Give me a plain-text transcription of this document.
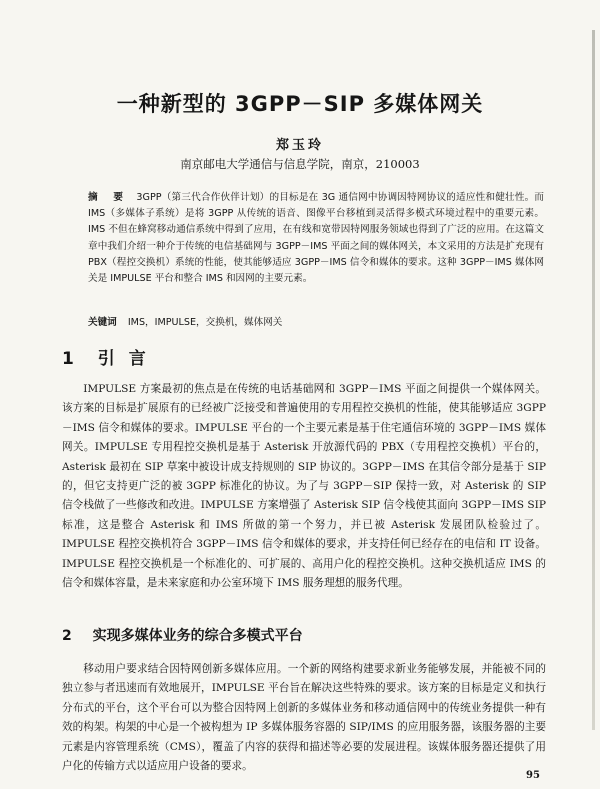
一种新型的 3GPP－SIP 多媒体网关
郑玉玲
南京邮电大学通信与信息学院，南京，210003
摘 要 3GPP（第三代合作伙伴计划）的目标是在 3G 通信网中协调因特网协议的适应性和健壮性。而 IMS（多媒体子系统）是将 3GPP 从传统的语音、图像平台移植到灵活得多模式环境过程中的重要元素。IMS 不但在蜂窝移动通信系统中得到了应用，在有线和宽带因特网服务领域也得到了广泛的应用。在这篇文章中我们介绍一种介于传统的电信基础网与 3GPP－IMS 平面之间的媒体网关，本文采用的方法是扩充现有 PBX（程控交换机）系统的性能，使其能够适应 3GPP－IMS 信令和媒体的要求。这种 3GPP－IMS 媒体网关是 IMPULSE 平台和整合 IMS 和因网的主要元素。
关键词 IMS，IMPULSE，交换机，媒体网关
1 引言
IMPULSE 方案最初的焦点是在传统的电话基础网和 3GPP－IMS 平面之间提供一个媒体网关。该方案的目标是扩展原有的已经被广泛接受和普遍使用的专用程控交换机的性能，使其能够适应 3GPP－IMS 信令和媒体的要求。IMPULSE 平台的一个主要元素是基于住宅通信环境的 3GPP－IMS 媒体网关。IMPULSE 专用程控交换机是基于 Asterisk 开放源代码的 PBX（专用程控交换机）平台的，Asterisk 最初在 SIP 草案中被设计成支持规则的 SIP 协议的。3GPP－IMS 在其信令部分是基于 SIP 的，但它支持更广泛的被 3GPP 标准化的协议。为了与 3GPP－SIP 保持一致，对 Asterisk 的 SIP 信令栈做了一些修改和改进。IMPULSE 方案增强了 Asterisk SIP 信令栈使其面向 3GPP－IMS SIP 标准，这是整合 Asterisk 和 IMS 所做的第一个努力，并已被 Asterisk 发展团队检验过了。IMPULSE 程控交换机符合 3GPP－IMS 信令和媒体的要求，并支持任何已经存在的电信和 IT 设备。IMPULSE 程控交换机是一个标准化的、可扩展的、高用户化的程控交换机。这种交换机适应 IMS 的信令和媒体容量，是未来家庭和办公室环境下 IMS 服务理想的服务代理。
2 实现多媒体业务的综合多模式平台
移动用户要求结合因特网创新多媒体应用。一个新的网络构建要求新业务能够发展，并能被不同的独立参与者迅速而有效地展开，IMPULSE 平台旨在解决这些特殊的要求。该方案的目标是定义和执行分布式的平台，这个平台可以为整合因特网上创新的多媒体业务和移动通信网中的传统业务提供一种有效的构架。构架的中心是一个被构想为 IP 多媒体服务容器的 SIP/IMS 的应用服务器，该服务器的主要元素是内容管理系统（CMS），覆盖了内容的获得和描述等必要的发展进程。该媒体服务器还提供了用户化的传输方式以适应用户设备的要求。
95
